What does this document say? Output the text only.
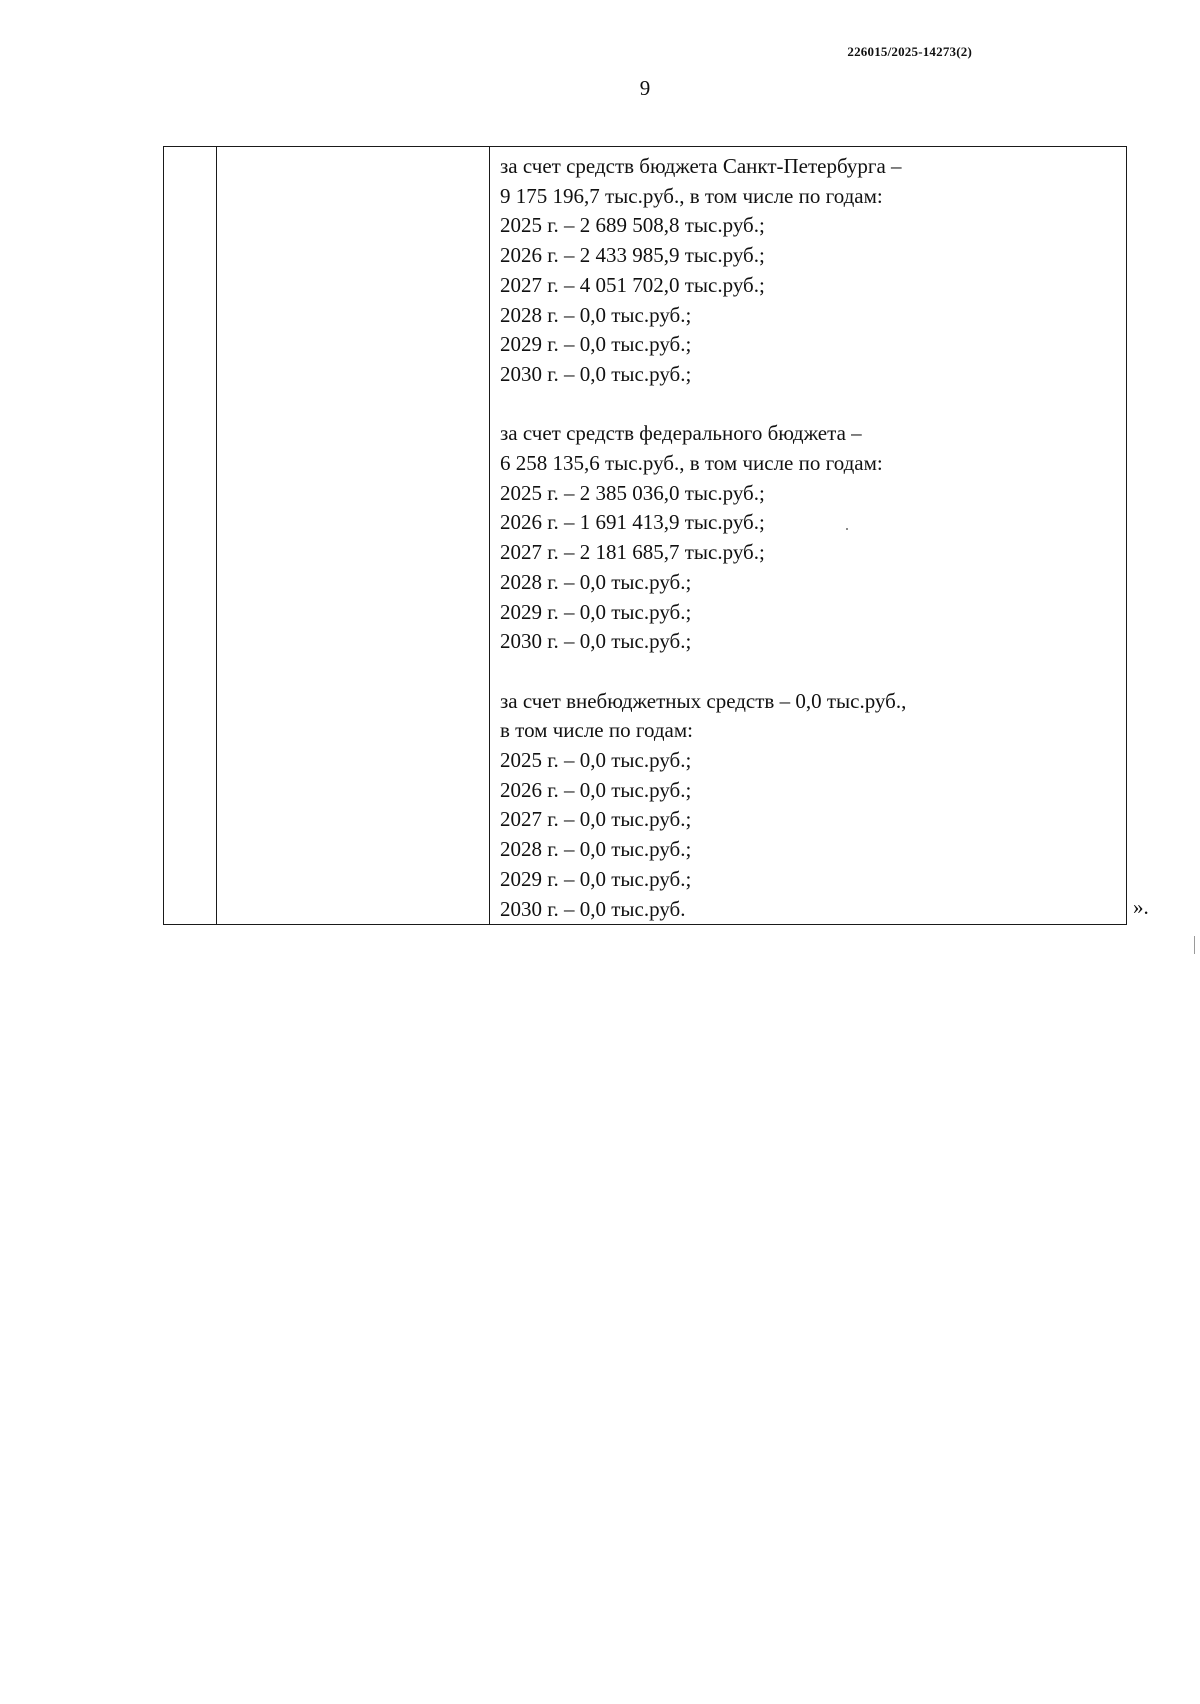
226015/2025-14273(2)
9

за счет средств бюджета Санкт-Петербурга –
9 175 196,7 тыс.руб., в том числе по годам:
2025 г. – 2 689 508,8 тыс.руб.;
2026 г. – 2 433 985,9 тыс.руб.;
2027 г. – 4 051 702,0 тыс.руб.;
2028 г. – 0,0 тыс.руб.;
2029 г. – 0,0 тыс.руб.;
2030 г. – 0,0 тыс.руб.;
за счет средств федерального бюджета –
6 258 135,6 тыс.руб., в том числе по годам:
2025 г. – 2 385 036,0 тыс.руб.;
2026 г. – 1 691 413,9 тыс.руб.;
2027 г. – 2 181 685,7 тыс.руб.;
2028 г. – 0,0 тыс.руб.;
2029 г. – 0,0 тыс.руб.;
2030 г. – 0,0 тыс.руб.;
за счет внебюджетных средств – 0,0 тыс.руб.,
в том числе по годам:
2025 г. – 0,0 тыс.руб.;
2026 г. – 0,0 тыс.руб.;
2027 г. – 0,0 тыс.руб.;
2028 г. – 0,0 тыс.руб.;
2029 г. – 0,0 тыс.руб.;
2030 г. – 0,0 тыс.руб.	».
